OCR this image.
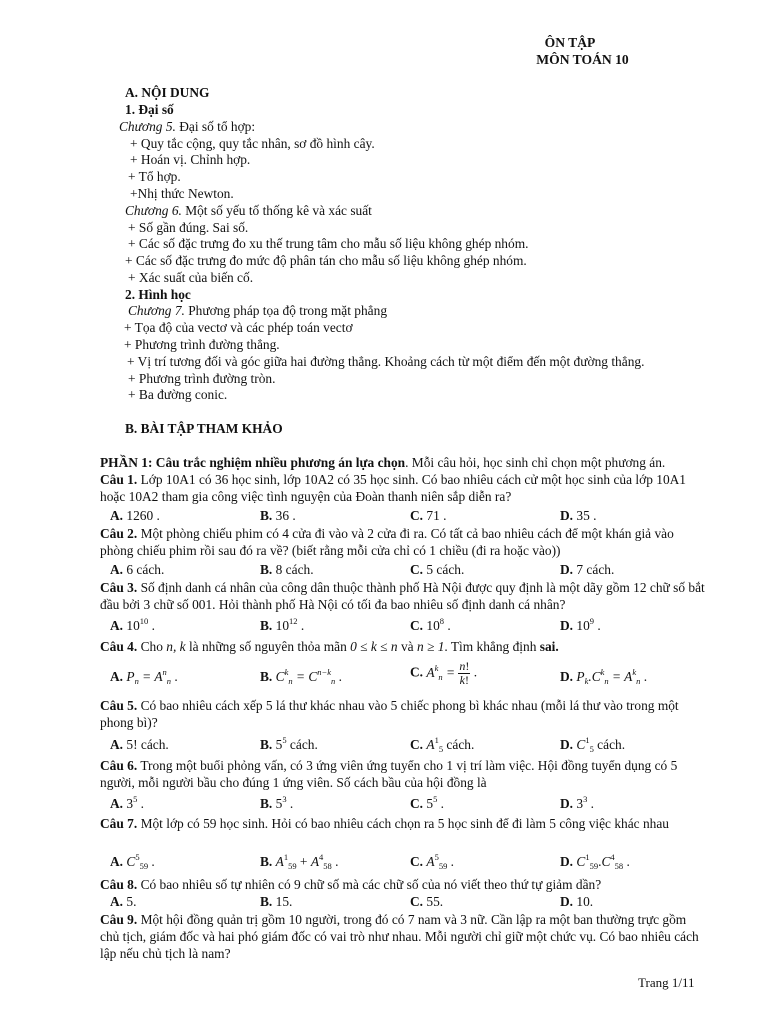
ÔN TẬP
MÔN TOÁN 10
A. NỘI DUNG
1. Đại số
Chương 5. Đại số tổ hợp:
+ Quy tắc cộng, quy tắc nhân, sơ đồ hình cây.
+ Hoán vị. Chỉnh hợp.
+ Tổ hợp.
+Nhị thức Newton.
Chương 6. Một số yếu tố thống kê và xác suất
+ Số gần đúng. Sai số.
+ Các số đặc trưng đo xu thế trung tâm cho mẫu số liệu không ghép nhóm.
+ Các số đặc trưng đo mức độ phân tán cho mẫu số liệu không ghép nhóm.
+ Xác suất của biến cố.
2. Hình học
Chương 7. Phương pháp tọa độ trong mặt phẳng
+ Tọa độ của vectơ và các phép toán vectơ
+ Phương trình đường thẳng.
+ Vị trí tương đối và góc giữa hai đường thẳng. Khoảng cách từ một điểm đến một đường thẳng.
+ Phương trình đường tròn.
+ Ba đường conic.
B. BÀI TẬP THAM KHẢO
PHẦN 1: Câu trắc nghiệm nhiều phương án lựa chọn. Mỗi câu hỏi, học sinh chỉ chọn một phương án.
Câu 1. Lớp 10A1 có 36 học sinh, lớp 10A2 có 35 học sinh. Có bao nhiêu cách cử một học sinh của lớp 10A1 hoặc 10A2 tham gia công việc tình nguyện của Đoàn thanh niên sắp diễn ra?
A. 1260 .	B. 36 .	C. 71 .	D. 35 .
Câu 2. Một phòng chiếu phim có 4 cửa đi vào và 2 cửa đi ra. Có tất cả bao nhiêu cách để một khán giả vào phòng chiếu phim rồi sau đó ra về? (biết rằng mỗi cửa chỉ có 1 chiều (đi ra hoặc vào))
A. 6 cách.	B. 8 cách.	C. 5 cách.	D. 7 cách.
Câu 3. Số định danh cá nhân của công dân thuộc thành phố Hà Nội được quy định là một dãy gồm 12 chữ số bắt đầu bởi 3 chữ số 001. Hỏi thành phố Hà Nội có tối đa bao nhiêu số định danh cá nhân?
A. $10^{10}$ .	B. $10^{12}$ .	C. $10^8$ .	D. $10^9$ .
Câu 4. Cho n, k là những số nguyên thỏa mãn 0 ≤ k ≤ n và n ≥ 1. Tìm khẳng định sai.
A. $P_n = A^n_n$ .	B. $C^k_n = C^{n-k}_n$ .	C. $A^k_n = \frac{n!}{k!}$ .	D. $P_k.C^k_n = A^k_n$ .
Câu 5. Có bao nhiêu cách xếp 5 lá thư khác nhau vào 5 chiếc phong bì khác nhau (mỗi lá thư vào trong một phong bì)?
A. 5! cách.	B. $5^5$ cách.	C. $A^1_5$ cách.	D. $C^1_5$ cách.
Câu 6. Trong một buổi phỏng vấn, có 3 ứng viên ứng tuyển cho 1 vị trí làm việc. Hội đồng tuyển dụng có 5 người, mỗi người bầu cho đúng 1 ứng viên. Số cách bầu của hội đồng là
A. $3^5$ .	B. $5^3$ .	C. $5^5$ .	D. $3^3$ .
Câu 7. Một lớp có 59 học sinh. Hỏi có bao nhiêu cách chọn ra 5 học sinh để đi làm 5 công việc khác nhau
A. $C^5_{59}$ .	B. $A^1_{59} + A^4_{58}$ .	C. $A^5_{59}$ .	D. $C^1_{59}.C^4_{58}$ .
Câu 8. Có bao nhiêu số tự nhiên có 9 chữ số mà các chữ số của nó viết theo thứ tự giảm dần?
A. 5.	B. 15.	C. 55.	D. 10.
Câu 9. Một hội đồng quản trị gồm 10 người, trong đó có 7 nam và 3 nữ. Cần lập ra một ban thường trực gồm chủ tịch, giám đốc và hai phó giám đốc có vai trò như nhau. Mỗi người chỉ giữ một chức vụ. Có bao nhiêu cách lập nếu chủ tịch là nam?
Trang 1/11
